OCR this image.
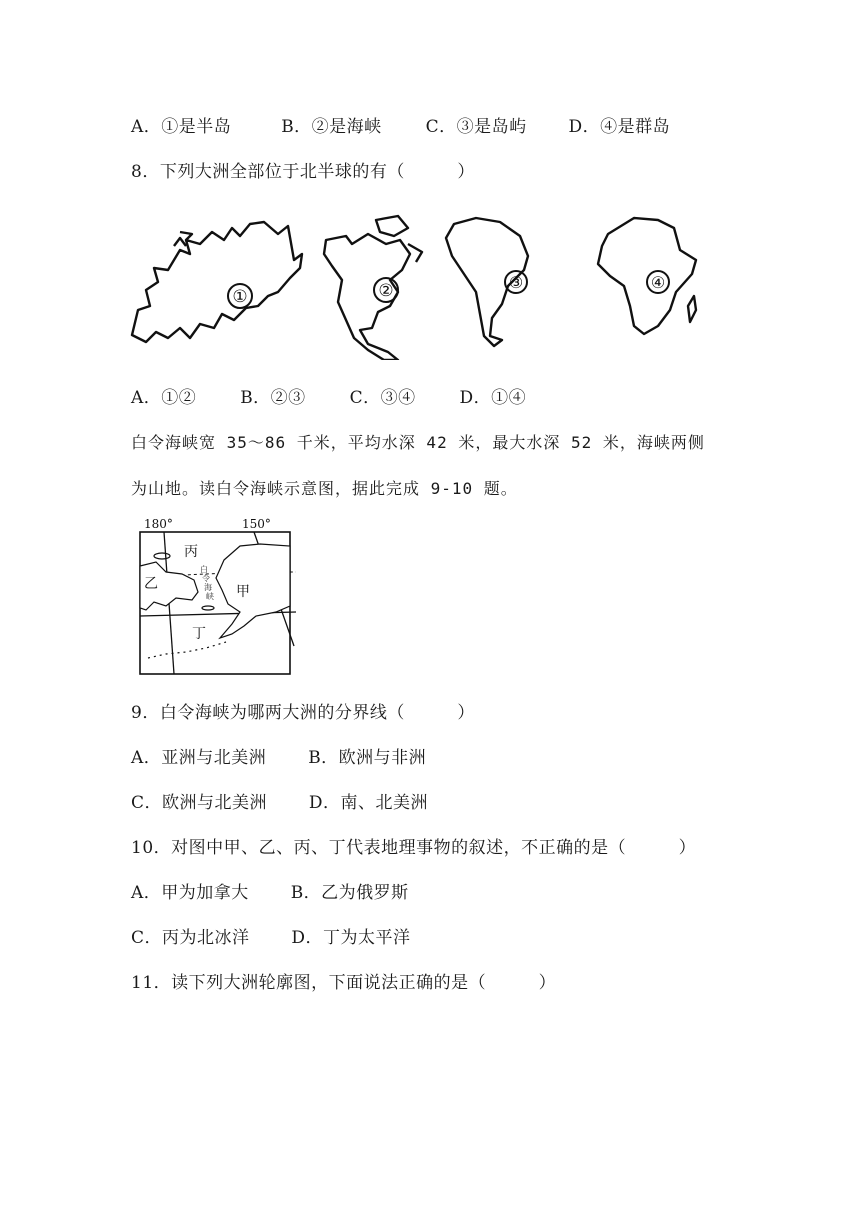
A．①是半岛	B．②是海峡	C．③是岛屿 D．④是群岛
8．下列大洲全部位于北半球的有（　　　）
①	②	③	④
A．①②	B．②③	C．③④	D．①④
白令海峡宽 35～86 千米，平均水深 42 米，最大水深 52 米，海峡两侧
为山地。读白令海峡示意图，据此完成 9-10 题。
180°	150°
丙
乙	甲
丁
白
令
海
峡
9．白令海峡为哪两大洲的分界线（　　　）
A．亚洲与北美洲 B．欧洲与非洲
C．欧洲与北美洲 D．南、北美洲
10．对图中甲、乙、丙、丁代表地理事物的叙述，不正确的是（　　　）
A．甲为加拿大 B．乙为俄罗斯
C．丙为北冰洋 D．丁为太平洋
11．读下列大洲轮廓图，下面说法正确的是（　　　）
